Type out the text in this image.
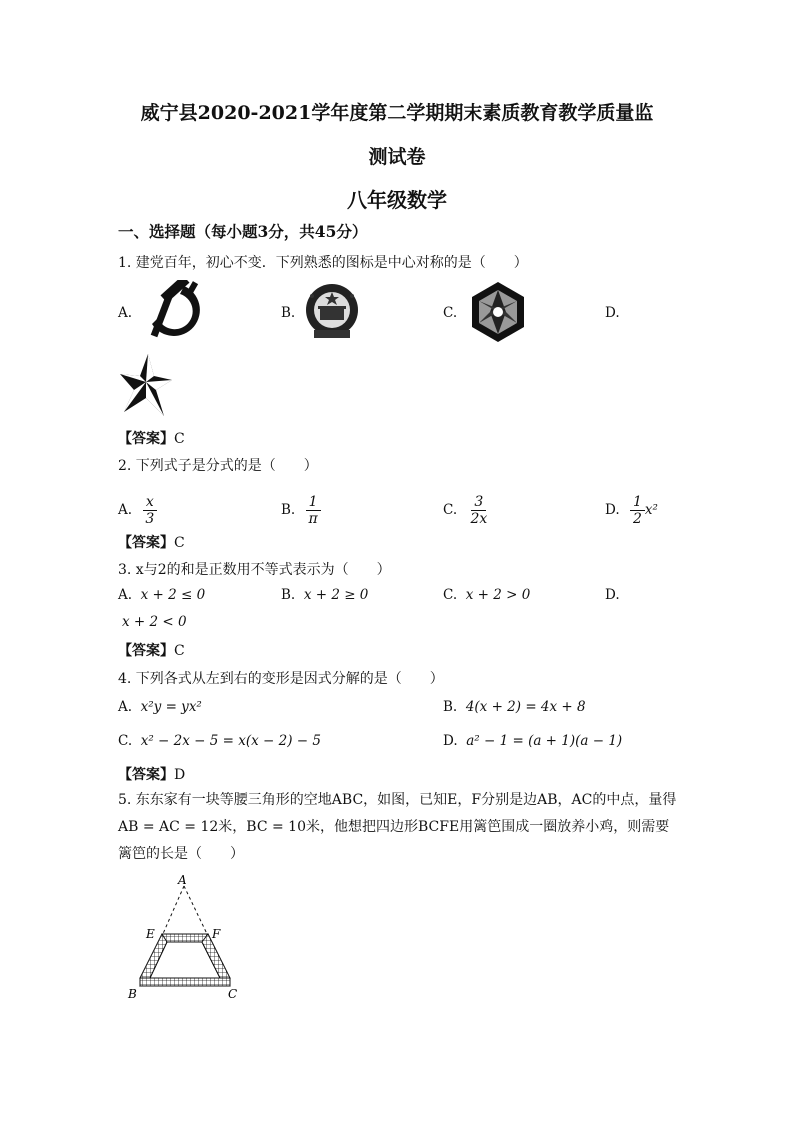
威宁县2020-2021学年度第二学期期末素质教育教学质量监
测试卷
八年级数学
一、选择题（每小题3分，共45分）
1. 建党百年，初心不变．下列熟悉的图标是中心对称的是（　　）
A.	B.	C.	D.
【答案】C
2. 下列式子是分式的是（　　）
A. $\frac{x}{3}$	B. $\frac{1}{\pi}$	C. $\frac{3}{2x}$	D. $\frac{1}{2} x^2$
【答案】C
3. x与2的和是正数用不等式表示为（　　）
A. x + 2 ≤ 0	B. x + 2 ≥ 0	C. x + 2 > 0	D.
x + 2 < 0
【答案】C
4. 下列各式从左到右的变形是因式分解的是（　　）
A. x²y = yx²	B. 4(x + 2) = 4x + 8
C. x² − 2x − 5 = x(x − 2) − 5	D. a² − 1 = (a + 1)(a − 1)
【答案】D
5. 东东家有一块等腰三角形的空地ABC，如图，已知E，F分别是边AB，AC的中点，量得AB = AC = 12米，BC = 10米，他想把四边形BCFE用篱笆围成一圈放养小鸡，则需要篱笆的长是（　　）
A
E	F
B	C
